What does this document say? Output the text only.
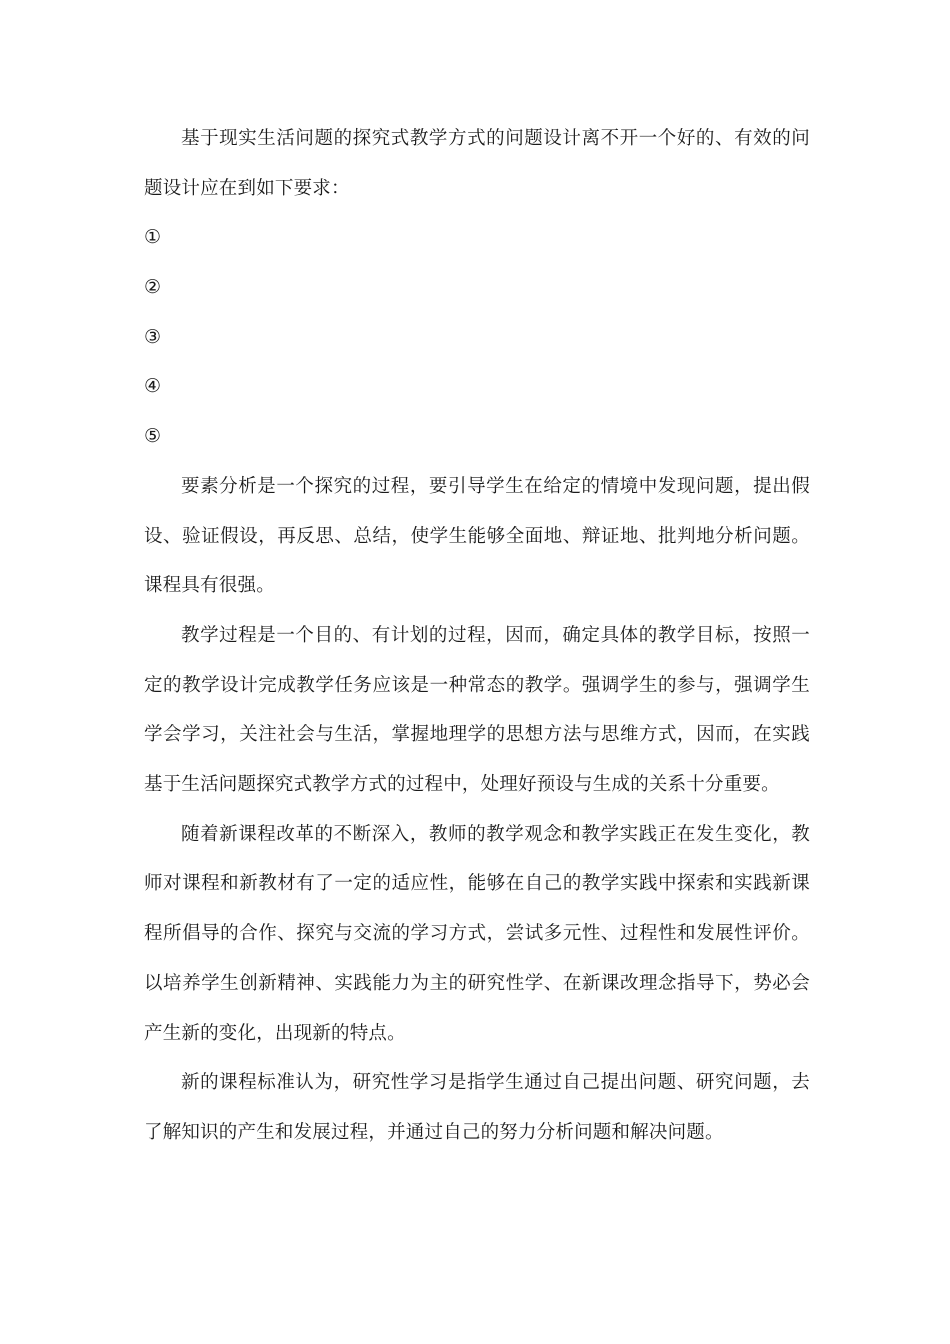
基于现实生活问题的探究式教学方式的问题设计离不开一个好的、有效的问题设计应在到如下要求：

①
②
③
④
⑤

要素分析是一个探究的过程，要引导学生在给定的情境中发现问题，提出假设、验证假设，再反思、总结，使学生能够全面地、辩证地、批判地分析问题。课程具有很强。

教学过程是一个目的、有计划的过程，因而，确定具体的教学目标，按照一定的教学设计完成教学任务应该是一种常态的教学。强调学生的参与，强调学生学会学习，关注社会与生活，掌握地理学的思想方法与思维方式，因而，在实践基于生活问题探究式教学方式的过程中，处理好预设与生成的关系十分重要。

随着新课程改革的不断深入，教师的教学观念和教学实践正在发生变化，教师对课程和新教材有了一定的适应性，能够在自己的教学实践中探索和实践新课程所倡导的合作、探究与交流的学习方式，尝试多元性、过程性和发展性评价。以培养学生创新精神、实践能力为主的研究性学、在新课改理念指导下，势必会产生新的变化，出现新的特点。

新的课程标准认为，研究性学习是指学生通过自己提出问题、研究问题，去了解知识的产生和发展过程，并通过自己的努力分析问题和解决问题。
